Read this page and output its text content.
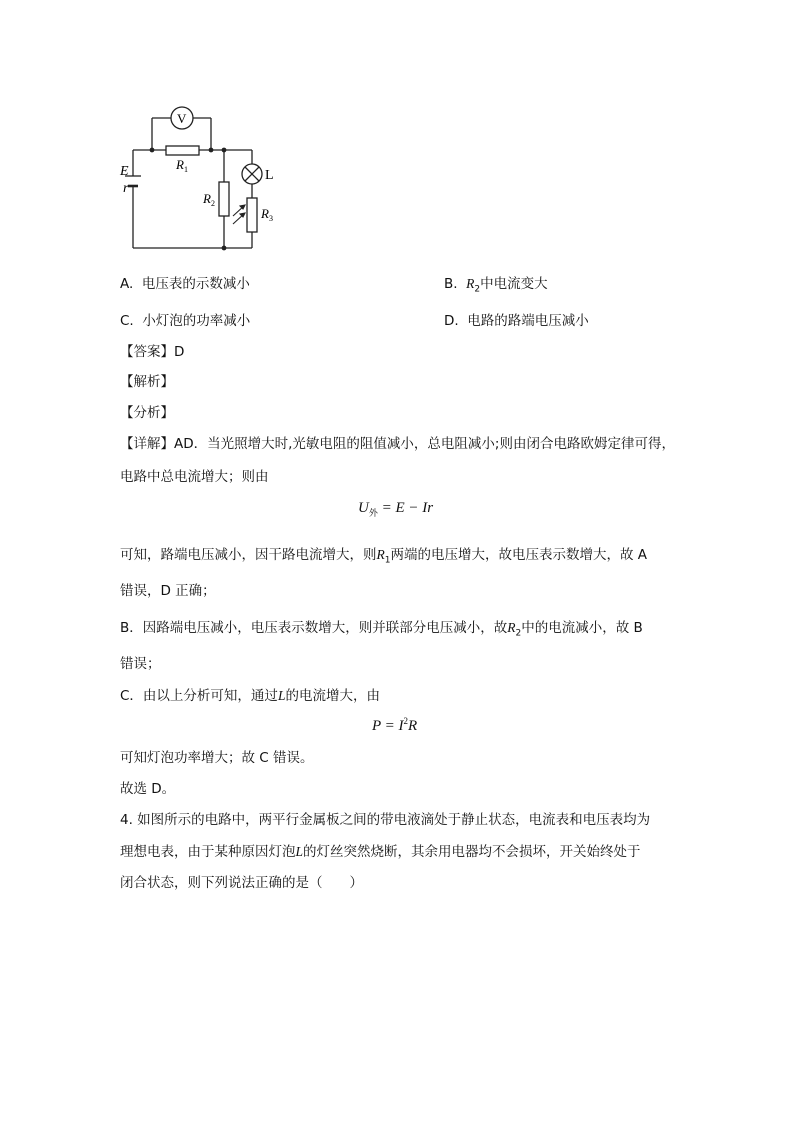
V
L
$R_1$
$R_2$
$R_3$
E
r
A. 电压表的示数减小	B. $R_2$中电流变大
C. 小灯泡的功率减小	D. 电路的路端电压减小
【答案】D
【解析】
【分析】
【详解】AD．当光照增大时,光敏电阻的阻值减小，总电阻减小;则由闭合电路欧姆定律可得，
电路中总电流增大；则由
$U_外 = E - Ir$
可知，路端电压减小，因干路电流增大，则$R_1$两端的电压增大，故电压表示数增大，故 A
错误，D 正确；
B．因路端电压减小，电压表示数增大，则并联部分电压减小，故$R_2$中的电流减小，故 B
错误；
C．由以上分析可知，通过L的电流增大，由
$P = I^2R$
可知灯泡功率增大；故 C 错误。
故选 D。
4. 如图所示的电路中，两平行金属板之间的带电液滴处于静止状态，电流表和电压表均为
理想电表，由于某种原因灯泡L的灯丝突然烧断，其余用电器均不会损坏，开关始终处于
闭合状态，则下列说法正确的是（　　）
